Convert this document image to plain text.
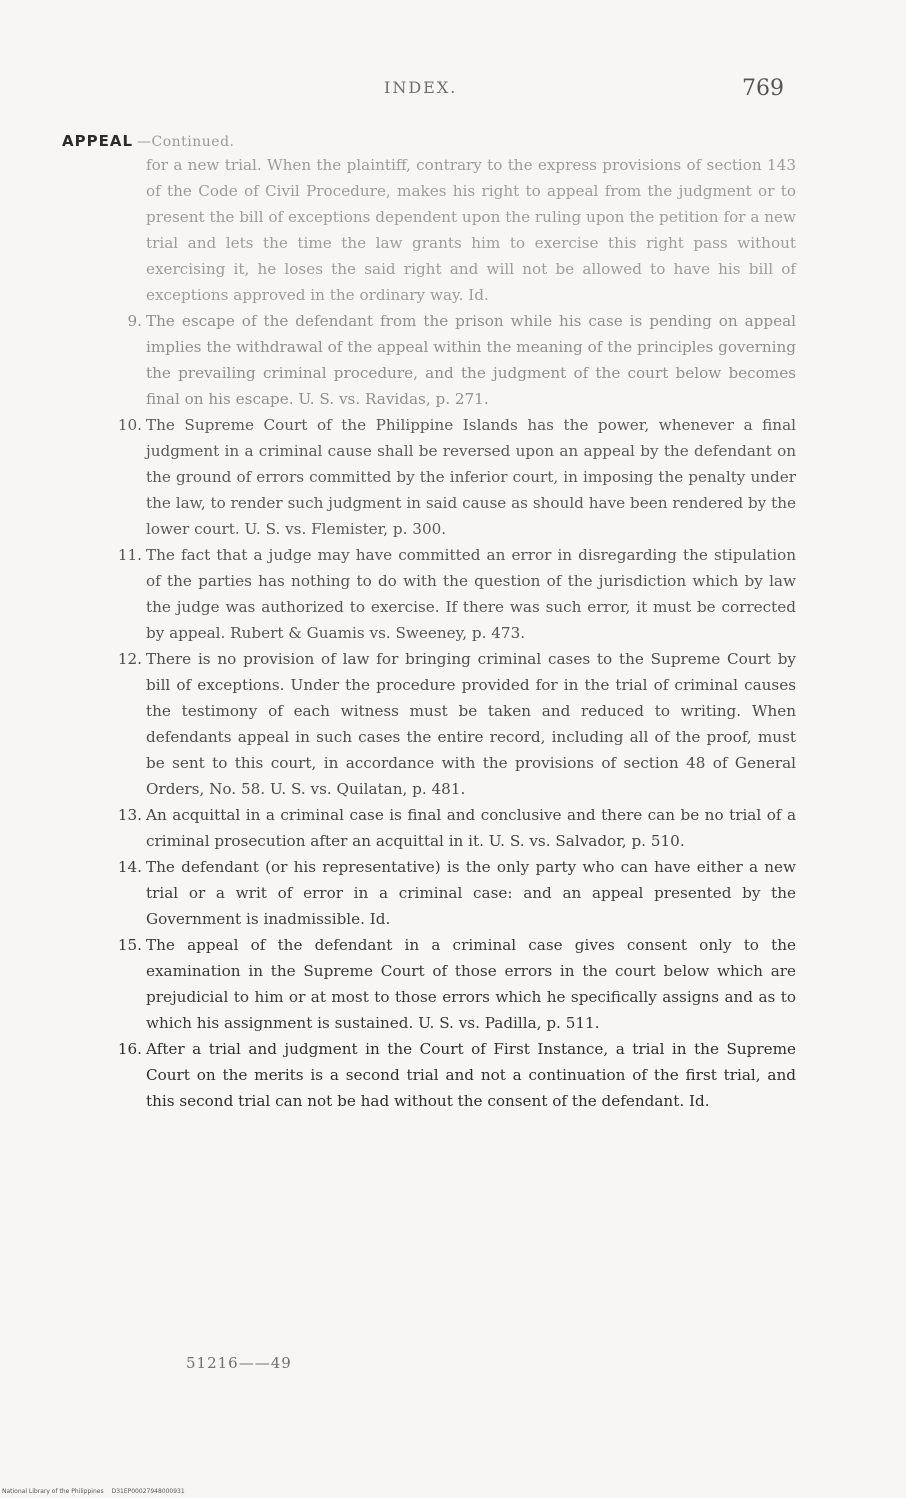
INDEX.	769
APPEAL —Continued.
for a new trial. When the plaintiff, contrary to the express provisions of section 143 of the Code of Civil Procedure, makes his right to appeal from the judgment or to present the bill of exceptions dependent upon the ruling upon the petition for a new trial and lets the time the law grants him to exercise this right pass without exercising it, he loses the said right and will not be allowed to have his bill of exceptions approved in the ordinary way. Id.
9. The escape of the defendant from the prison while his case is pending on appeal implies the withdrawal of the appeal within the meaning of the principles governing the prevailing criminal procedure, and the judgment of the court below becomes final on his escape. U. S. vs. Ravidas, p. 271.
10. The Supreme Court of the Philippine Islands has the power, whenever a final judgment in a criminal cause shall be reversed upon an appeal by the defendant on the ground of errors committed by the inferior court, in imposing the penalty under the law, to render such judgment in said cause as should have been rendered by the lower court. U. S. vs. Flemister, p. 300.
11. The fact that a judge may have committed an error in disregarding the stipulation of the parties has nothing to do with the question of the jurisdiction which by law the judge was authorized to exercise. If there was such error, it must be corrected by appeal. Rubert & Guamis vs. Sweeney, p. 473.
12. There is no provision of law for bringing criminal cases to the Supreme Court by bill of exceptions. Under the procedure provided for in the trial of criminal causes the testimony of each witness must be taken and reduced to writing. When defendants appeal in such cases the entire record, including all of the proof, must be sent to this court, in accordance with the provisions of section 48 of General Orders, No. 58. U. S. vs. Quilatan, p. 481.
13. An acquittal in a criminal case is final and conclusive and there can be no trial of a criminal prosecution after an acquittal in it. U. S. vs. Salvador, p. 510.
14. The defendant (or his representative) is the only party who can have either a new trial or a writ of error in a criminal case: and an appeal presented by the Government is inadmissible. Id.
15. The appeal of the defendant in a criminal case gives consent only to the examination in the Supreme Court of those errors in the court below which are prejudicial to him or at most to those errors which he specifically assigns and as to which his assignment is sustained. U. S. vs. Padilla, p. 511.
16. After a trial and judgment in the Court of First Instance, a trial in the Supreme Court on the merits is a second trial and not a continuation of the first trial, and this second trial can not be had without the consent of the defendant. Id.
51216——49
National Library of the Philippines D31EP00027948000931
